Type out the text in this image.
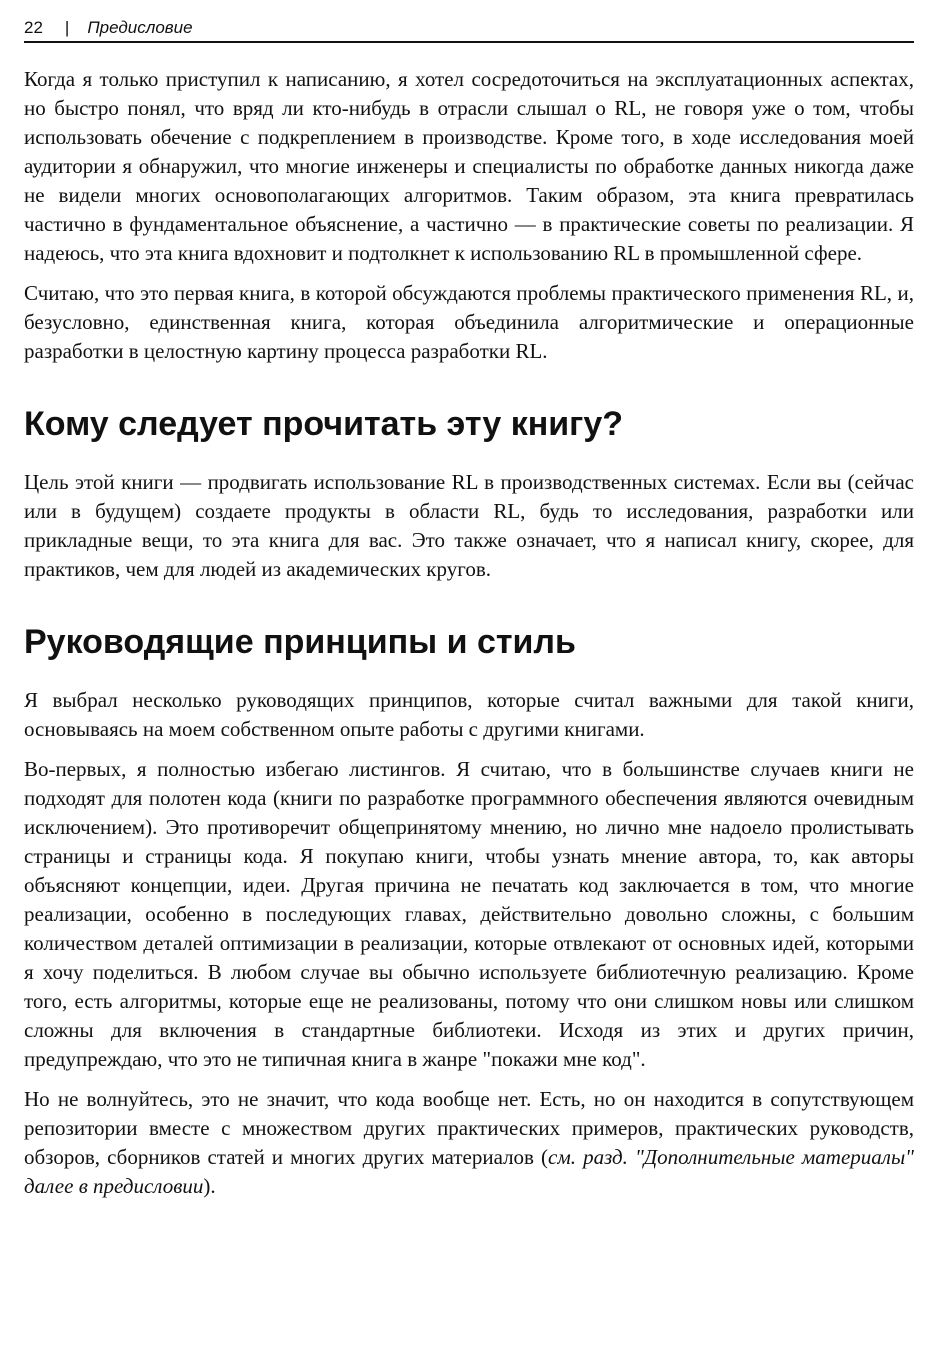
22 | Предисловие

Когда я только приступил к написанию, я хотел сосредоточиться на эксплуатационных аспектах, но быстро понял, что вряд ли кто-нибудь в отрасли слышал о RL, не говоря уже о том, чтобы использовать обечение с подкреплением в производстве. Кроме того, в ходе исследования моей аудитории я обнаружил, что многие инженеры и специалисты по обработке данных никогда даже не видели многих основополагающих алгоритмов. Таким образом, эта книга превратилась частично в фундаментальное объяснение, а частично — в практические советы по реализации. Я надеюсь, что эта книга вдохновит и подтолкнет к использованию RL в промышленной сфере.

Считаю, что это первая книга, в которой обсуждаются проблемы практического применения RL, и, безусловно, единственная книга, которая объединила алгоритмические и операционные разработки в целостную картину процесса разработки RL.

Кому следует прочитать эту книгу?

Цель этой книги — продвигать использование RL в производственных системах. Если вы (сейчас или в будущем) создаете продукты в области RL, будь то исследования, разработки или прикладные вещи, то эта книга для вас. Это также означает, что я написал книгу, скорее, для практиков, чем для людей из академических кругов.

Руководящие принципы и стиль

Я выбрал несколько руководящих принципов, которые считал важными для такой книги, основываясь на моем собственном опыте работы с другими книгами.

Во-первых, я полностью избегаю листингов. Я считаю, что в большинстве случаев книги не подходят для полотен кода (книги по разработке программного обеспечения являются очевидным исключением). Это противоречит общепринятому мнению, но лично мне надоело пролистывать страницы и страницы кода. Я покупаю книги, чтобы узнать мнение автора, то, как авторы объясняют концепции, идеи. Другая причина не печатать код заключается в том, что многие реализации, особенно в последующих главах, действительно довольно сложны, с большим количеством деталей оптимизации в реализации, которые отвлекают от основных идей, которыми я хочу поделиться. В любом случае вы обычно используете библиотечную реализацию. Кроме того, есть алгоритмы, которые еще не реализованы, потому что они слишком новы или слишком сложны для включения в стандартные библиотеки. Исходя из этих и других причин, предупреждаю, что это не типичная книга в жанре "покажи мне код".

Но не волнуйтесь, это не значит, что кода вообще нет. Есть, но он находится в сопутствующем репозитории вместе с множеством других практических примеров, практических руководств, обзоров, сборников статей и многих других материалов (см. разд. "Дополнительные материалы" далее в предисловии).
